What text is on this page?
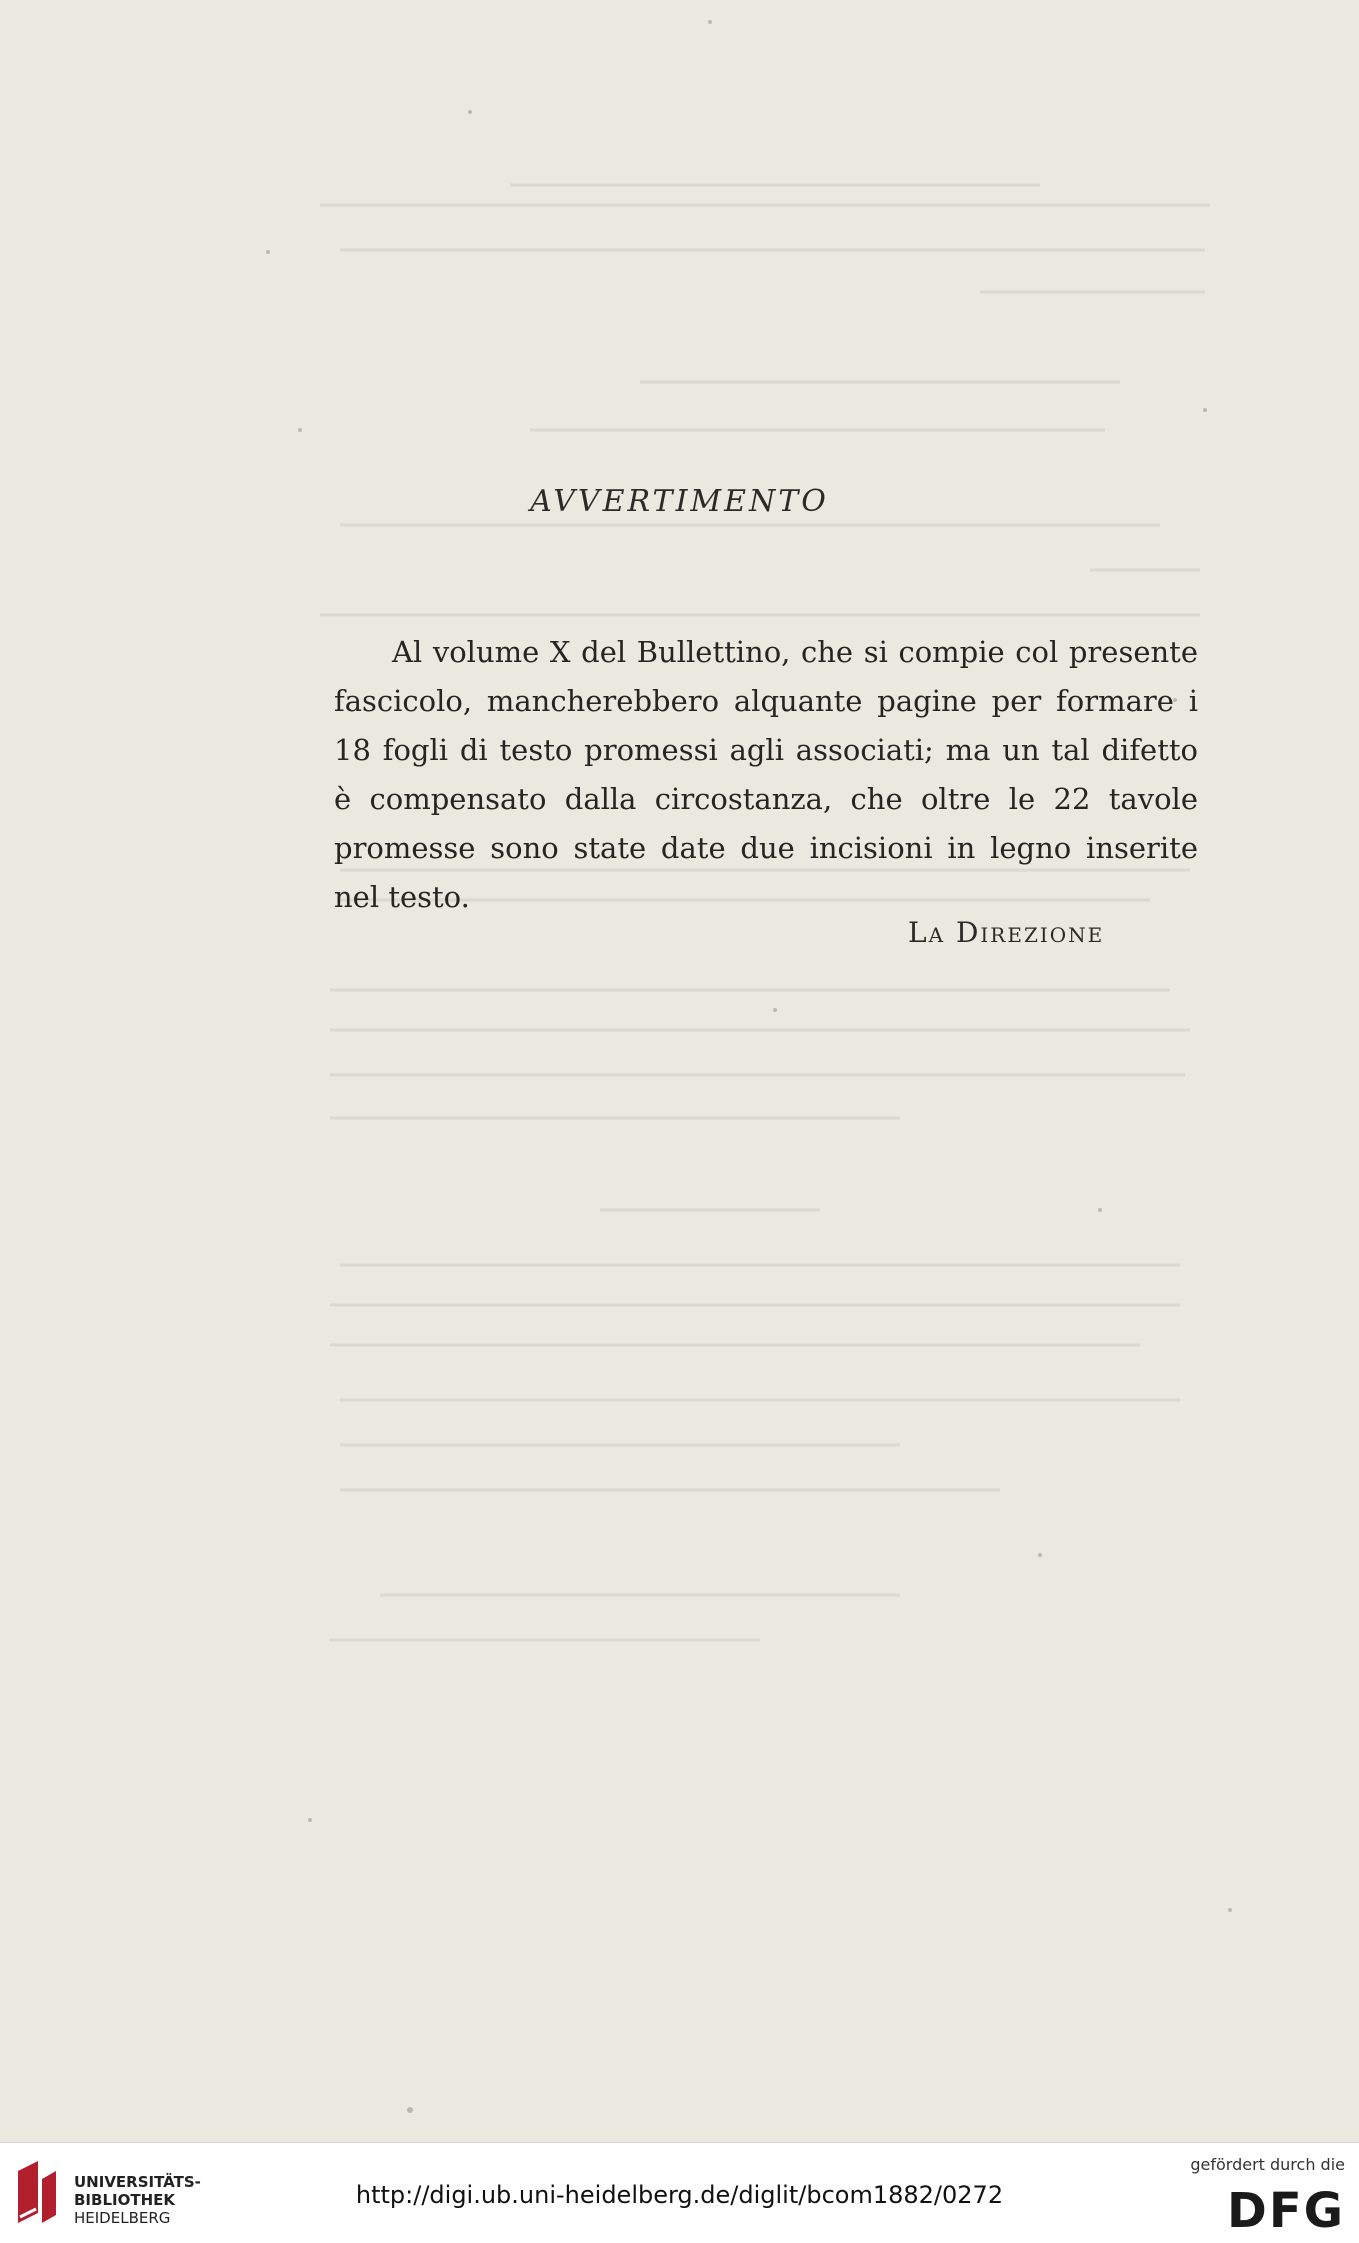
AVVERTIMENTO
Al volume X del Bullettino, che si compie col presente fascicolo, mancherebbero alquante pagine per formare i 18 fogli di testo promessi agli associati; ma un tal difetto è compensato dalla circostanza, che oltre le 22 tavole promesse sono state date due incisioni in legno inserite nel testo.
La Direzione
UNIVERSITÄTS-
BIBLIOTHEK
HEIDELBERG
http://digi.ub.uni-heidelberg.de/diglit/bcom1882/0272
gefördert durch die
DFG
